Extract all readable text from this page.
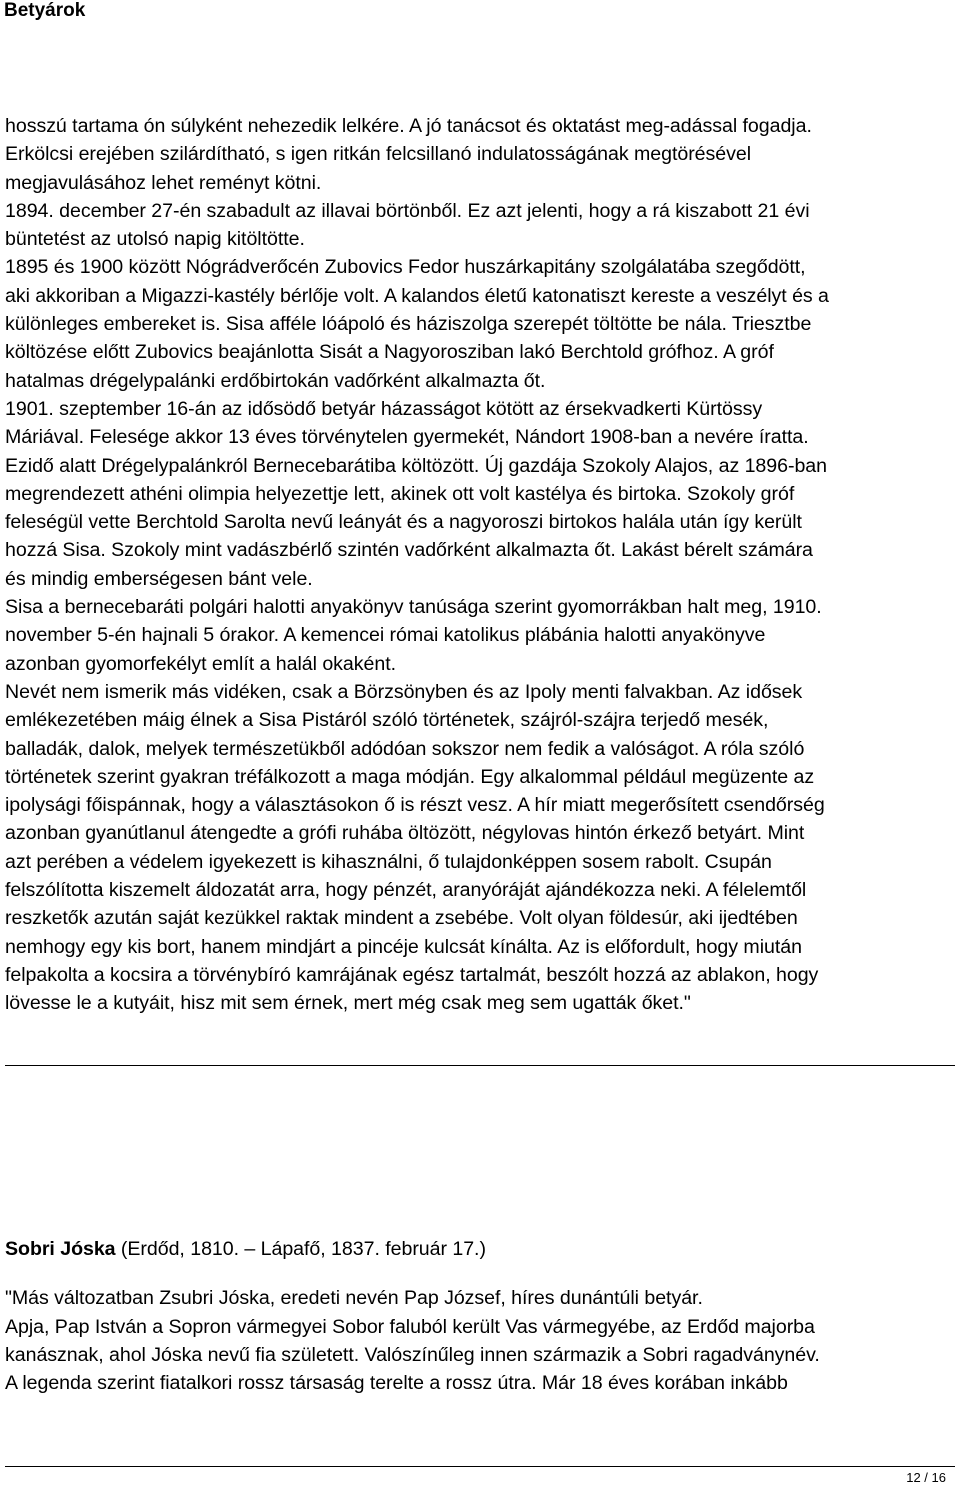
Betyárok
hosszú tartama ón súlyként nehezedik lelkére. A jó tanácsot és oktatást meg-adással fogadja.
Erkölcsi erejében szilárdítható, s igen ritkán felcsillanó indulatosságának megtörésével
megjavulásához lehet reményt kötni.
1894. december 27-én szabadult az illavai börtönből. Ez azt jelenti, hogy a rá kiszabott 21 évi
büntetést az utolsó napig kitöltötte.
1895 és 1900 között Nógrádverőcén Zubovics Fedor huszárkapitány szolgálatába szegődött,
aki akkoriban a Migazzi-kastély bérlője volt. A kalandos életű katonatiszt kereste a veszélyt és a
különleges embereket is. Sisa afféle lóápoló és háziszolga szerepét töltötte be nála. Triesztbe
költözése előtt Zubovics beajánlotta Sisát a Nagyorosziban lakó Berchtold grófhoz. A gróf
hatalmas drégelypalánki erdőbirtokán vadőrként alkalmazta őt.
1901. szeptember 16-án az idősödő betyár házasságot kötött az érsekvadkerti Kürtössy
Máriával. Felesége akkor 13 éves törvénytelen gyermekét, Nándort 1908-ban a nevére íratta.
Ezidő alatt Drégelypalánkról Bernecebarátiba költözött. Új gazdája Szokoly Alajos, az 1896-ban
megrendezett athéni olimpia helyezettje lett, akinek ott volt kastélya és birtoka. Szokoly gróf
feleségül vette Berchtold Sarolta nevű leányát és a nagyoroszi birtokos halála után így került
hozzá Sisa. Szokoly mint vadászbérlő szintén vadőrként alkalmazta őt. Lakást bérelt számára
és mindig emberségesen bánt vele.
Sisa a bernecebaráti polgári halotti anyakönyv tanúsága szerint gyomorrákban halt meg, 1910.
november 5-én hajnali 5 órakor. A kemencei római katolikus plábánia halotti anyakönyve
azonban gyomorfekélyt említ a halál okaként.
Nevét nem ismerik más vidéken, csak a Börzsönyben és az Ipoly menti falvakban. Az idősek
emlékezetében máig élnek a Sisa Pistáról szóló történetek, szájról-szájra terjedő mesék,
balladák, dalok, melyek természetükből adódóan sokszor nem fedik a valóságot. A róla szóló
történetek szerint gyakran tréfálkozott a maga módján. Egy alkalommal például megüzente az
ipolysági főispánnak, hogy a választásokon ő is részt vesz. A hír miatt megerősített csendőrség
azonban gyanútlanul átengedte a grófi ruhába öltözött, négylovas hintón érkező betyárt. Mint
azt perében a védelem igyekezett is kihasználni, ő tulajdonképpen sosem rabolt. Csupán
felszólította kiszemelt áldozatát arra, hogy pénzét, aranyóráját ajándékozza neki. A félelemtől
reszketők azután saját kezükkel raktak mindent a zsebébe. Volt olyan földesúr, aki ijedtében
nemhogy egy kis bort, hanem mindjárt a pincéje kulcsát kínálta. Az is előfordult, hogy miután
felpakolta a kocsira a törvénybíró kamrájának egész tartalmát, beszólt hozzá az ablakon, hogy
lövesse le a kutyáit, hisz mit sem érnek, mert még csak meg sem ugatták őket."
Sobri Jóska (Erdőd, 1810. – Lápafő, 1837. február 17.)
"Más változatban Zsubri Jóska, eredeti nevén Pap József, híres dunántúli betyár.
Apja, Pap István a Sopron vármegyei Sobor faluból került Vas vármegyébe, az Erdőd majorba
kanásznak, ahol Jóska nevű fia született. Valószínűleg innen származik a Sobri ragadványnév.
A legenda szerint fiatalkori rossz társaság terelte a rossz útra. Már 18 éves korában inkább
12 / 16
